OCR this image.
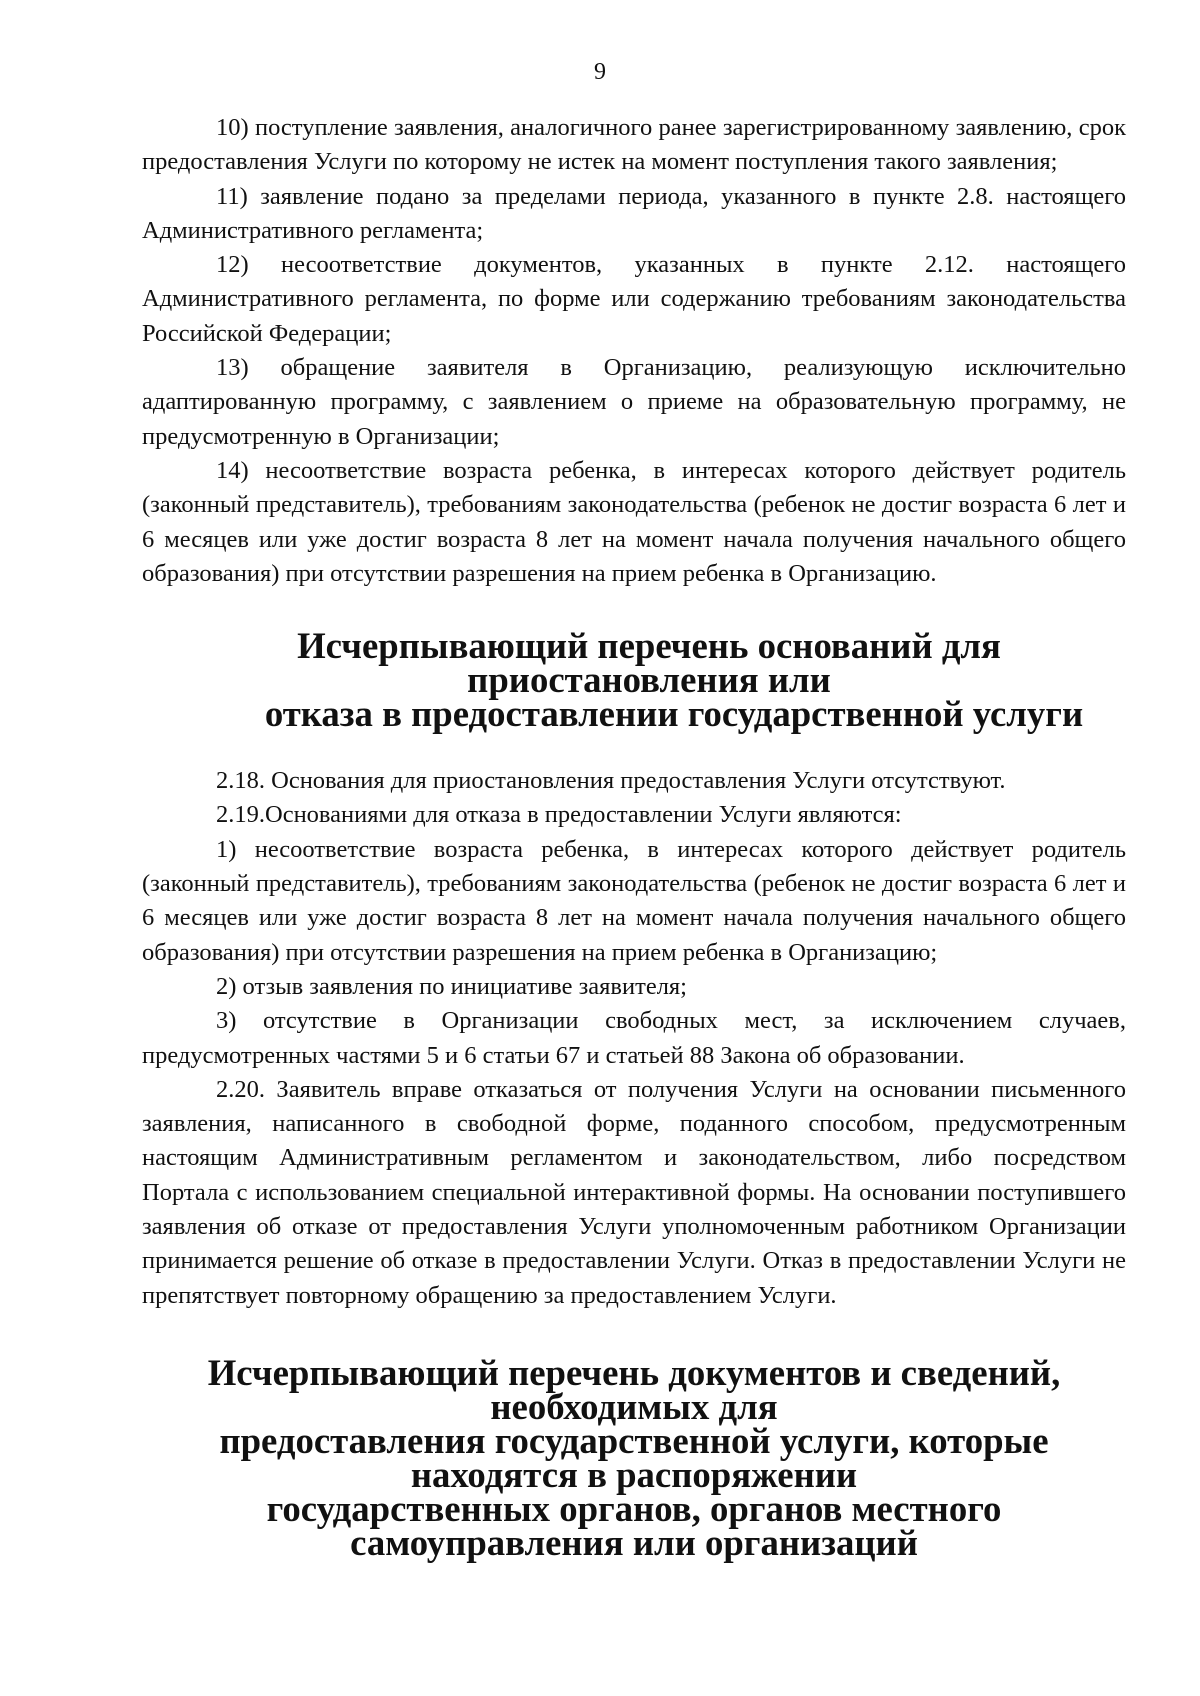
9

10) поступление заявления, аналогичного ранее зарегистрированному заявлению, срок предоставления Услуги по которому не истек на момент поступления такого заявления;

11) заявление подано за пределами периода, указанного в пункте 2.8. настоящего Административного регламента;

12) несоответствие документов, указанных в пункте 2.12. настоящего Административного регламента, по форме или содержанию требованиям законодательства Российской Федерации;

13) обращение заявителя в Организацию, реализующую исключительно адаптированную программу, с заявлением о приеме на образовательную программу, не предусмотренную в Организации;

14) несоответствие возраста ребенка, в интересах которого действует родитель (законный представитель), требованиям законодательства (ребенок не достиг возраста 6 лет и 6 месяцев или уже достиг возраста 8 лет на момент начала получения начального общего образования) при отсутствии разрешения на прием ребенка в Организацию.

Исчерпывающий перечень оснований для приостановления или
отказа в предоставлении государственной услуги

2.18. Основания для приостановления предоставления Услуги отсутствуют.

2.19.Основаниями для отказа в предоставлении Услуги являются:

1) несоответствие возраста ребенка, в интересах которого действует родитель (законный представитель), требованиям законодательства (ребенок не достиг возраста 6 лет и 6 месяцев или уже достиг возраста 8 лет на момент начала получения начального общего образования) при отсутствии разрешения на прием ребенка в Организацию;

2) отзыв заявления по инициативе заявителя;

3) отсутствие в Организации свободных мест, за исключением случаев, предусмотренных частями 5 и 6 статьи 67 и статьей 88 Закона об образовании.

2.20. Заявитель вправе отказаться от получения Услуги на основании письменного заявления, написанного в свободной форме, поданного способом, предусмотренным настоящим Административным регламентом и законодательством, либо посредством Портала с использованием специальной интерактивной формы. На основании поступившего заявления об отказе от предоставления Услуги уполномоченным работником Организации принимается решение об отказе в предоставлении Услуги. Отказ в предоставлении Услуги не препятствует повторному обращению за предоставлением Услуги.

Исчерпывающий перечень документов и сведений, необходимых для
предоставления государственной услуги, которые находятся в распоряжении
государственных органов, органов местного самоуправления или организаций
